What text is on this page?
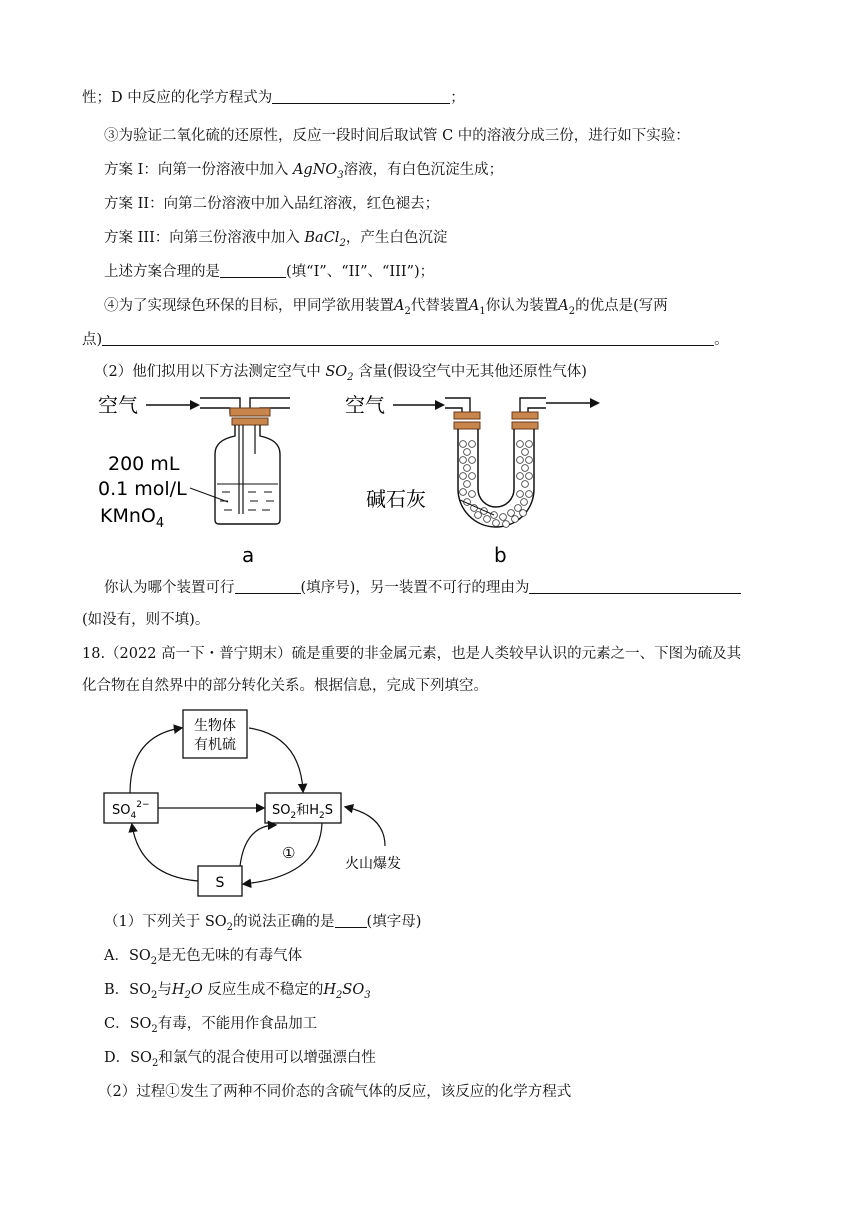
性；D 中反应的化学方程式为	；
③为验证二氧化硫的还原性，反应一段时间后取试管 C 中的溶液分成三份，进行如下实验：
方案 I：向第一份溶液中加入 AgNO$_3$溶液，有白色沉淀生成；
方案 II：向第二份溶液中加入品红溶液，红色褪去；
方案 III：向第三份溶液中加入 BaCl$_2$，产生白色沉淀
上述方案合理的是	(填“I”、“II”、“III”)；
④为了实现绿色环保的目标，甲同学欲用装置$A_2$代替装置$A_1$你认为装置$A_2$的优点是(写两
点)	。
（2）他们拟用以下方法测定空气中 $SO_2$ 含量(假设空气中无其他还原性气体)
空气
200 mL
0.1 mol/L
KMnO$_4$
a
空气
碱石灰
b
你认为哪个装置可行	(填序号)，另一装置不可行的理由为
(如没有，则不填)。
18.（2022 高一下・普宁期末）硫是重要的非金属元素，也是人类较早认识的元素之一、下图为硫及其
化合物在自然界中的部分转化关系。根据信息，完成下列填空。
生物体
有机硫
$SO_4^{2-}$	$SO_2$和$H_2S$
S
①
火山爆发
（1）下列关于 $SO_2$的说法正确的是 (填字母)
A．$SO_2$是无色无味的有毒气体
B．$SO_2$与$H_2O$ 反应生成不稳定的$H_2SO_3$
C．$SO_2$有毒，不能用作食品加工
D．$SO_2$和氯气的混合使用可以增强漂白性
（2）过程①发生了两种不同价态的含硫气体的反应，该反应的化学方程式
